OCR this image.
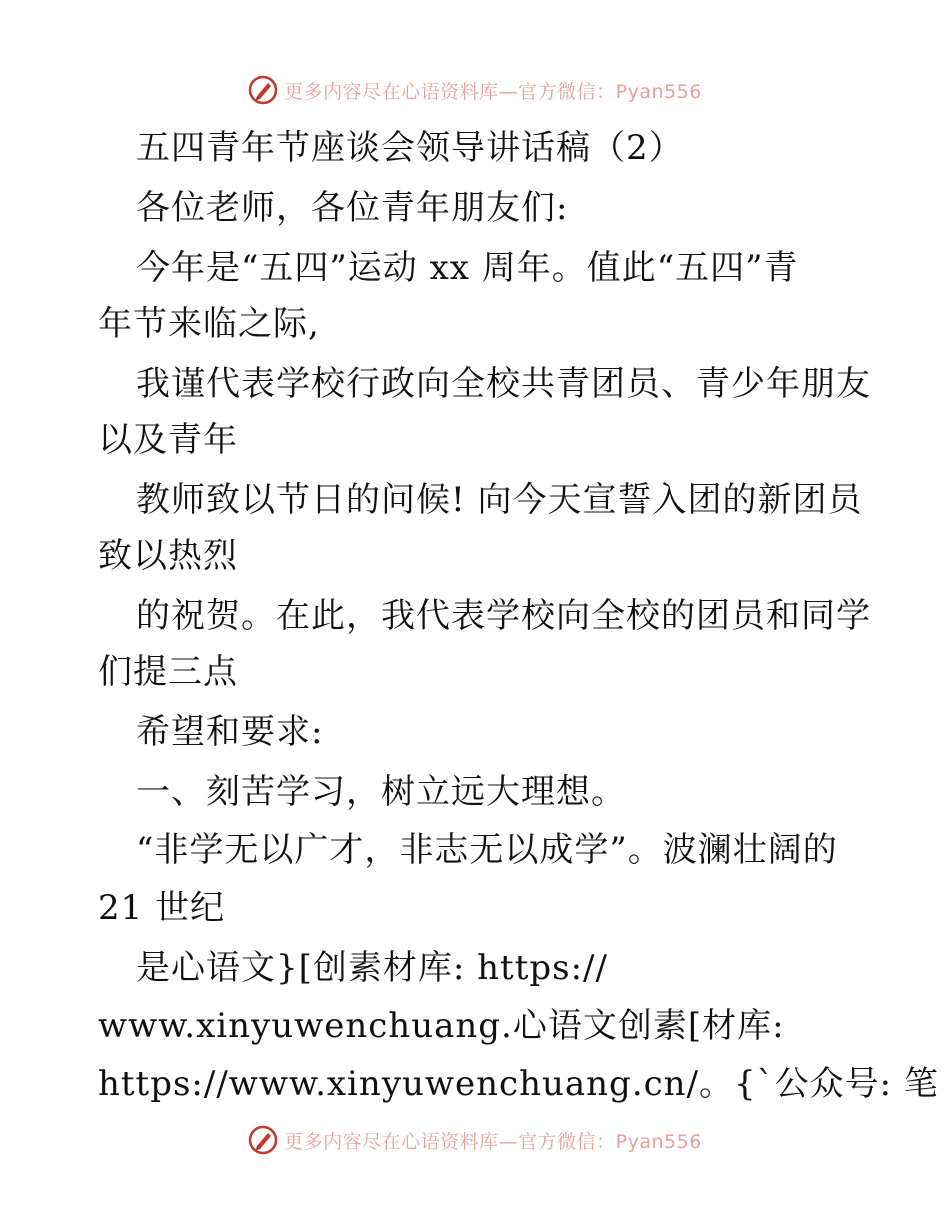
更多内容尽在心语资料库—官方微信：Pyan556
五四青年节座谈会领导讲话稿（2）
各位老师，各位青年朋友们:
今年是“五四”运动 xx 周年。值此“五四”青
年节来临之际,
我谨代表学校行政向全校共青团员、青少年朋友
以及青年
教师致以节日的问候! 向今天宣誓入团的新团员
致以热烈
的祝贺。在此，我代表学校向全校的团员和同学
们提三点
希望和要求:
一、刻苦学习，树立远大理想。
“非学无以广才，非志无以成学”。波澜壮阔的
21 世纪
是心语文}[创素材库: https://
www.xinyuwenchuang.心语文创素[材库:
https://www.xinyuwenchuang.cn/。{`公众号: 笔
更多内容尽在心语资料库—官方微信：Pyan556
